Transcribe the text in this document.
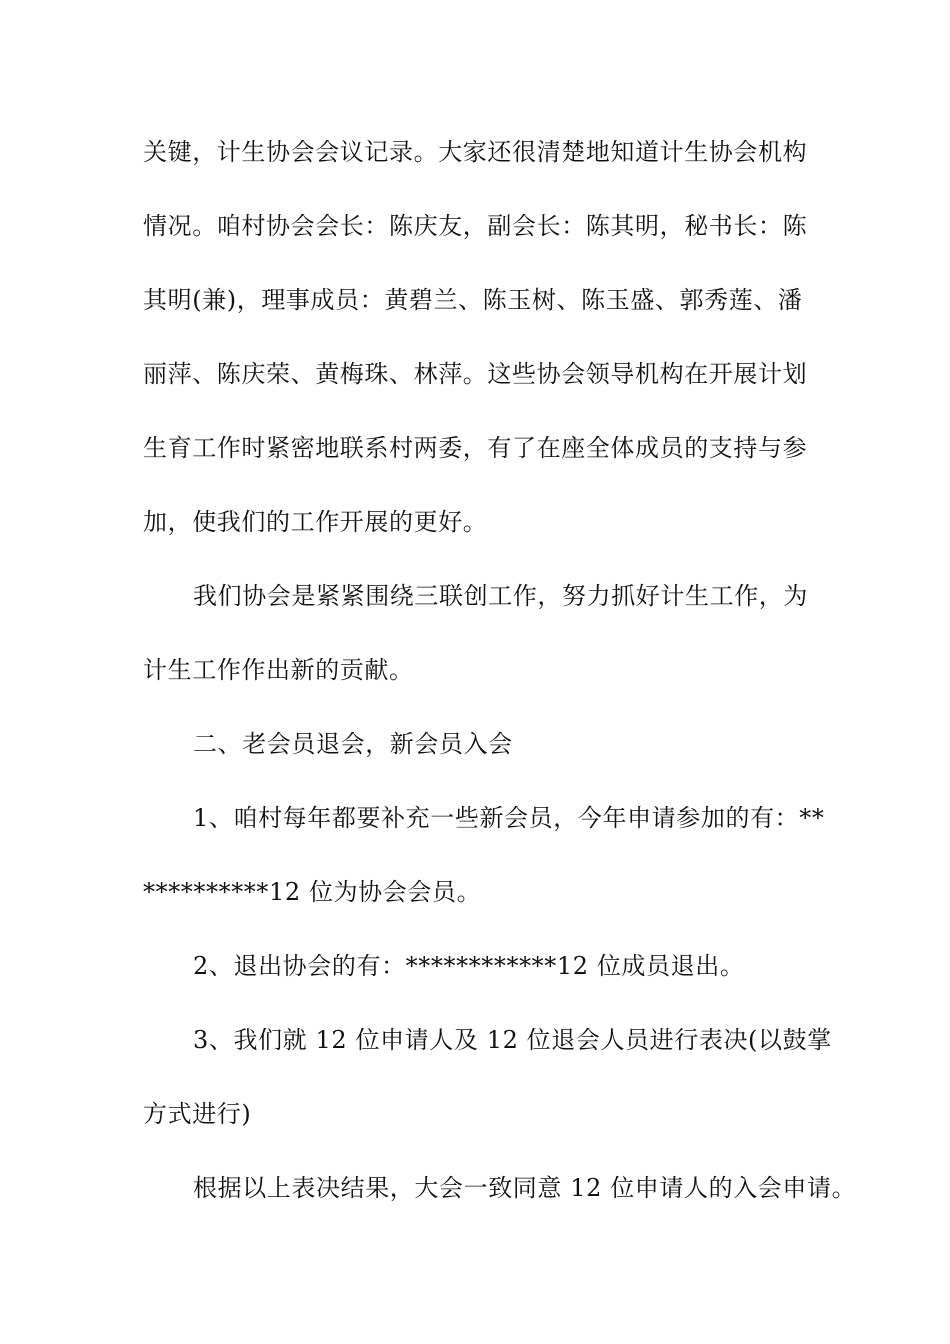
关键，计生协会会议记录。大家还很清楚地知道计生协会机构
情况。咱村协会会长：陈庆友，副会长：陈其明，秘书长：陈
其明(兼)，理事成员：黄碧兰、陈玉树、陈玉盛、郭秀莲、潘
丽萍、陈庆荣、黄梅珠、林萍。这些协会领导机构在开展计划
生育工作时紧密地联系村两委，有了在座全体成员的支持与参
加，使我们的工作开展的更好。
我们协会是紧紧围绕三联创工作，努力抓好计生工作，为
计生工作作出新的贡献。
二、老会员退会，新会员入会
1、咱村每年都要补充一些新会员，今年申请参加的有：**
**********12 位为协会会员。
2、退出协会的有：************12 位成员退出。
3、我们就 12 位申请人及 12 位退会人员进行表决(以鼓掌
方式进行)
根据以上表决结果，大会一致同意 12 位申请人的入会申请。
